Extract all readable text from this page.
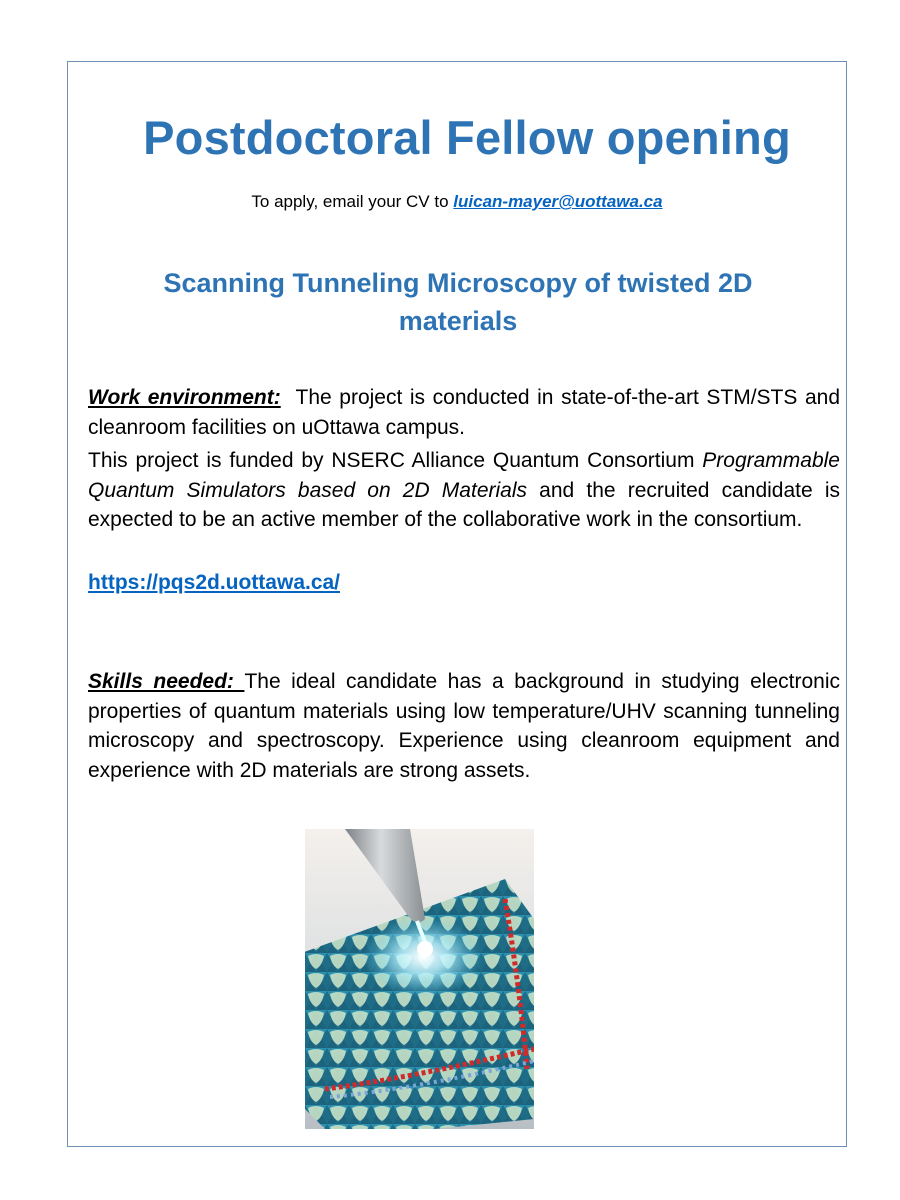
Postdoctoral Fellow opening
To apply, email your CV to luican-mayer@uottawa.ca
Scanning Tunneling Microscopy of twisted 2D materials
Work environment:  The project is conducted in state-of-the-art STM/STS and  cleanroom facilities on uOttawa campus.
This project is funded by NSERC Alliance Quantum Consortium Programmable Quantum Simulators based on 2D Materials and the recruited candidate is expected to be an active member of the collaborative work in the consortium.
https://pqs2d.uottawa.ca/
Skills needed: The ideal candidate has a background in studying electronic properties of quantum materials using low temperature/UHV scanning tunneling microscopy and spectroscopy. Experience using cleanroom equipment and experience with 2D materials are strong assets.
